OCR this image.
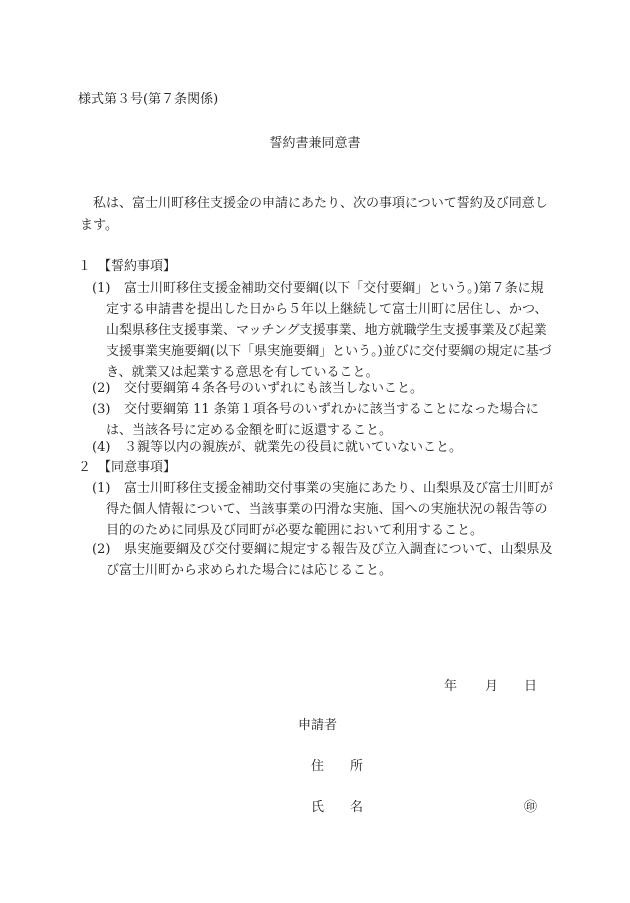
様式第３号(第７条関係)
誓約書兼同意書
私は、富士川町移住支援金の申請にあたり、次の事項について誓約及び同意します。
１ 【誓約事項】
(1)	富士川町移住支援金補助交付要綱(以下「交付要綱」という。)第７条に規定する申請書を提出した日から５年以上継続して富士川町に居住し、かつ、山梨県移住支援事業、マッチング支援事業、地方就職学生支援事業及び起業支援事業実施要綱(以下「県実施要綱」という。)並びに交付要綱の規定に基づき、就業又は起業する意思を有していること。
(2) 交付要綱第４条各号のいずれにも該当しないこと。
(3)	交付要綱第 11 条第１項各号のいずれかに該当することになった場合には、当該各号に定める金額を町に返還すること。
(4) ３親等以内の親族が、就業先の役員に就いていないこと。
２ 【同意事項】
(1)	富士川町移住支援金補助交付事業の実施にあたり、山梨県及び富士川町が得た個人情報について、当該事業の円滑な実施、国への実施状況の報告等の目的のために同県及び同町が必要な範囲において利用すること。
(2)	県実施要綱及び交付要綱に規定する報告及び立入調査について、山梨県及び富士川町から求められた場合には応じること。
年 月 日
申請者
住　　所
氏　　名	㊞
